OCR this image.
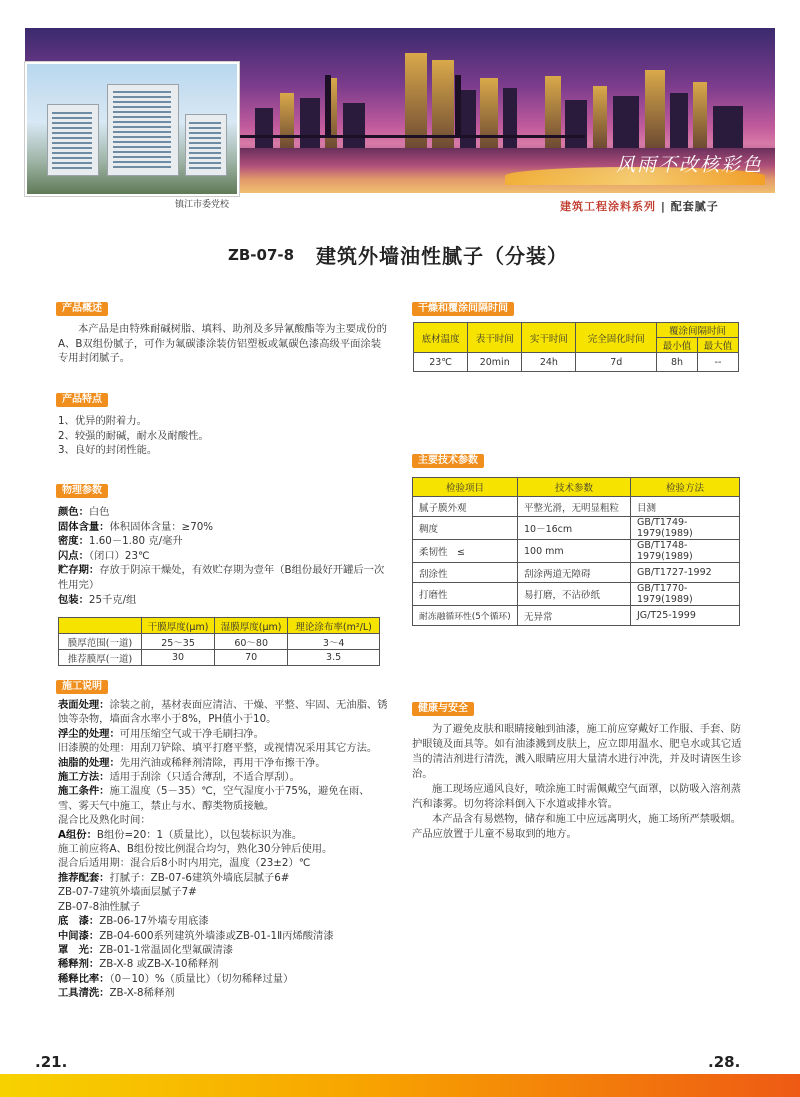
风雨不改核彩色
镇江市委党校	建筑工程涂料系列 | 配套腻子
ZB-07-8 建筑外墙油性腻子（分装）
产品概述
本产品是由特殊耐碱树脂、填料、助剂及多异氰酸酯等为主要成份的A、B双组份腻子，可作为氟碳漆涂装仿铝塑板或氟碳色漆高级平面涂装专用封闭腻子。
产品特点

1、优异的附着力。

2、较强的耐碱，耐水及耐酸性。

3、良好的封闭性能。

物理参数

颜色：白色

固体含量：体积固体含量：≥70%

密度：1.60－1.80 克/毫升

闪点：（闭口）23℃

贮存期：存放于阴凉干燥处，有效贮存期为壹年（B组份最好开罐后一次性用完）

包装：25千克/组

	干膜厚度(μm)	湿膜厚度(μm)	理论涂布率(m²/L)
膜厚范围(一道)	25～35	60～80	3～4
推荐膜厚(一道)	30	70	3.5
施工说明

表面处理：涂装之前，基材表面应清洁、干燥、平整、牢固、无油脂、锈蚀等杂物，墙面含水率小于8%，PH值小于10。

浮尘的处理：可用压缩空气或干净毛刷扫净。

旧漆膜的处理：用刮刀铲除、填平打磨平整，或视情况采用其它方法。

油脂的处理：先用汽油或稀释剂清除，再用干净布擦干净。

施工方法：适用于刮涂（只适合薄刮，不适合厚刮）。

施工条件：施工温度（5－35）℃，空气湿度小于75%，避免在雨、雪、雾天气中施工，禁止与水、醇类物质接触。

混合比及熟化时间：

A组份：B组份=20：1（质量比），以包装标识为准。

施工前应将A、B组份按比例混合均匀，熟化30分钟后使用。

混合后适用期：混合后8小时内用完，温度（23±2）℃

推荐配套：打腻子：ZB-07-6建筑外墙底层腻子6#

ZB-07-7建筑外墙面层腻子7#

ZB-07-8油性腻子

底　漆：ZB-06-17外墙专用底漆

中间漆：ZB-04-600系列建筑外墙漆或ZB-01-1Ⅱ丙烯酸清漆

罩　光：ZB-01-1常温固化型氟碳清漆

稀释剂：ZB-X-8 或ZB-X-10稀释剂

稀释比率：（0－10）%（质量比）（切勿稀释过量）

工具清洗：ZB-X-8稀释剂

干燥和覆涂间隔时间
底材温度	表干时间	实干时间	完全固化时间	覆涂间隔时间	
				最小值	最大值
23℃	20min	24h	7d	8h	--
主要技术参数
检验项目	技术参数	检验方法
腻子膜外观	平整光滑，无明显粗粒	目测
稠度	10－16cm	GB/T1749-1979(1989)
柔韧性　≤	100 mm	GB/T1748-1979(1989)
刮涂性	刮涂两道无障碍	GB/T1727-1992
打磨性	易打磨，不沾砂纸	GB/T1770-1979(1989)
耐冻融循环性(5个循环)	无异常	JG/T25-1999
健康与安全

为了避免皮肤和眼睛接触到油漆，施工前应穿戴好工作服、手套、防护眼镜及面具等。如有油漆溅到皮肤上，应立即用温水、肥皂水或其它适当的清洁剂进行清洗，溅入眼睛应用大量清水进行冲洗，并及时请医生诊治。

施工现场应通风良好，喷涂施工时需佩戴空气面罩，以防吸入溶剂蒸汽和漆雾。切勿将涂料倒入下水道或排水管。

本产品含有易燃物，储存和施工中应远离明火，施工场所严禁吸烟。产品应放置于儿童不易取到的地方。

.21.	.28.
